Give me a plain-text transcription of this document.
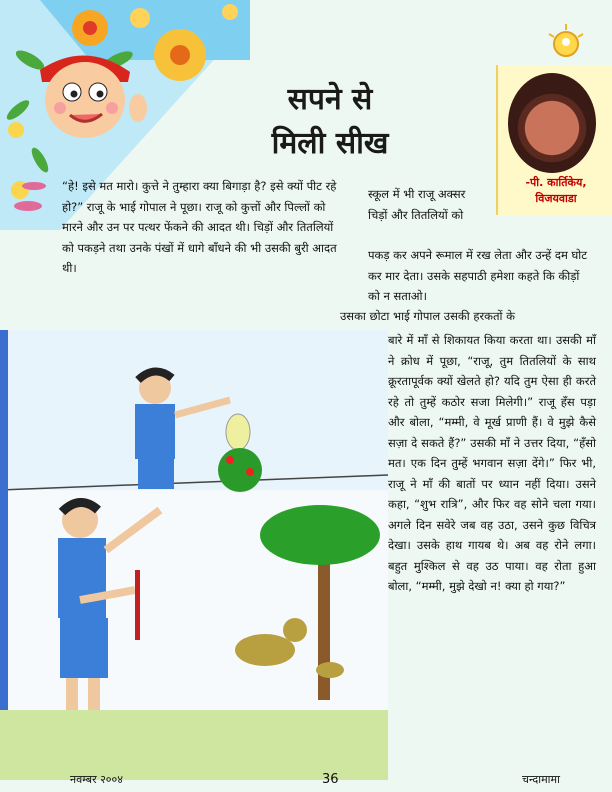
सपने से
मिली सीख
-पी. कार्तिकेय,
विजयवाडा

“हे! इसे मत मारो। कुत्ते ने तुम्हारा क्या बिगाड़ा है? इसे क्यों पीट रहे हो?” राजू के भाई गोपाल ने पूछा। राजू को कुत्तों और पिल्लों को मारने और उन पर पत्थर फेंकने की आदत थी। चिड़ों और तितलियों को पकड़ने तथा उनके पंखों में धागे बाँधने की भी उसकी बुरी आदत थी।

स्कूल में भी राजू अक्सर चिड़ों और तितलियों को

पकड़ कर अपने रूमाल में रख लेता और उन्हें दम घोट कर मार देता। उसके सहपाठी हमेशा कहते कि कीड़ों को न सताओ।

उसका छोटा भाई गोपाल उसकी हरकतों के

बारे में माँ से शिकायत किया करता था। उसकी माँ ने क्रोध में पूछा, “राजू, तुम तितलियों के साथ क्रूरतापूर्वक क्यों खेलते हो? यदि तुम ऐसा ही करते रहे तो तुम्हें कठोर सजा मिलेगी।” राजू हँस पड़ा और बोला, “मम्मी, वे मूर्ख प्राणी हैं। वे मुझे कैसे सज़ा दे सकते हैं?” उसकी माँ ने उत्तर दिया, “हँसो मत। एक दिन तुम्हें भगवान सज़ा देंगे।” फिर भी, राजू ने माँ की बातों पर ध्यान नहीं दिया। उसने कहा, “शुभ रात्रि”, और फिर वह सोने चला गया। अगले दिन सवेरे जब वह उठा, उसने कुछ विचित्र देखा। उसके हाथ गायब थे। अब वह रोने लगा। बहुत मुश्किल से वह उठ पाया। वह रोता हुआ बोला, “मम्मी, मुझे देखो न! क्या हो गया?”

नवम्बर २००४	36	चन्दामामा
